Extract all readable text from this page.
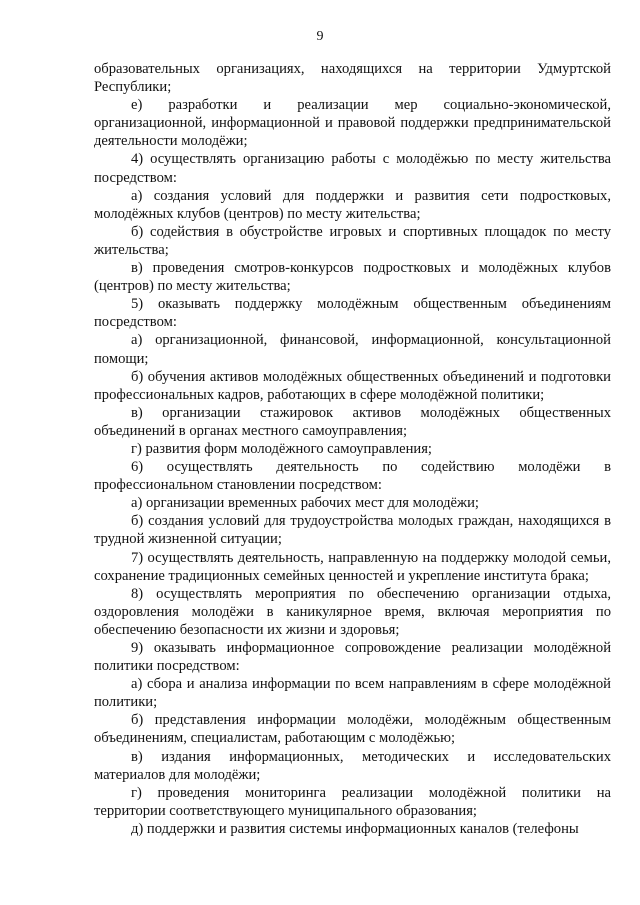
9

образовательных организациях, находящихся на территории Удмуртской Республики;

е) разработки и реализации мер социально-экономической, организационной, информационной и правовой поддержки предпринимательской деятельности молодёжи;

4) осуществлять организацию работы с молодёжью по месту жительства посредством:

а) создания условий для поддержки и развития сети подростковых, молодёжных клубов (центров) по месту жительства;

б) содействия в обустройстве игровых и спортивных площадок по месту жительства;

в) проведения смотров-конкурсов подростковых и молодёжных клубов (центров) по месту жительства;

5) оказывать поддержку молодёжным общественным объединениям посредством:

а) организационной, финансовой, информационной, консультационной помощи;

б) обучения активов молодёжных общественных объединений и подготовки профессиональных кадров, работающих в сфере молодёжной политики;

в) организации стажировок активов молодёжных общественных объединений в органах местного самоуправления;

г) развития форм молодёжного самоуправления;

6) осуществлять деятельность по содействию молодёжи в профессиональном становлении посредством:

а) организации временных рабочих мест для молодёжи;

б) создания условий для трудоустройства молодых граждан, находящихся в трудной жизненной ситуации;

7) осуществлять деятельность, направленную на поддержку молодой семьи, сохранение традиционных семейных ценностей и укрепление института брака;

8) осуществлять мероприятия по обеспечению организации отдыха, оздоровления молодёжи в каникулярное время, включая мероприятия по обеспечению безопасности их жизни и здоровья;

9) оказывать информационное сопровождение реализации молодёжной политики посредством:

а) сбора и анализа информации по всем направлениям в сфере молодёжной политики;

б) представления информации молодёжи, молодёжным общественным объединениям, специалистам, работающим с молодёжью;

в) издания информационных, методических и исследовательских материалов для молодёжи;

г) проведения мониторинга реализации молодёжной политики на территории соответствующего муниципального образования;

д) поддержки и развития системы информационных каналов (телефоны
